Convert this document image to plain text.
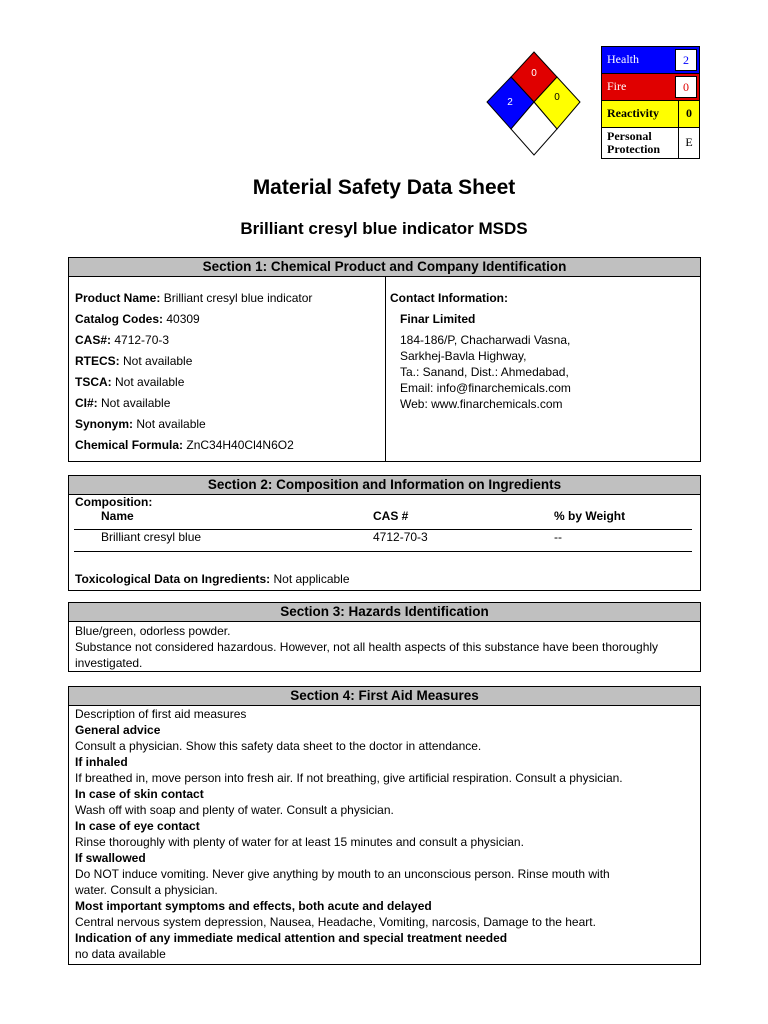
0
2	0
Health	2
Fire	0
Reactivity	0
Personal
Protection	E
Material Safety Data Sheet
Brilliant cresyl blue indicator MSDS
Section 1: Chemical Product and Company Identification
Product Name: Brilliant cresyl blue indicator
Catalog Codes: 40309
CAS#: 4712-70-3
RTECS: Not available
TSCA: Not available
CI#: Not available
Synonym: Not available
Chemical Formula: ZnC34H40Cl4N6O2
Contact Information:
Finar Limited
184-186/P, Chacharwadi Vasna,
Sarkhej-Bavla Highway,
Ta.: Sanand, Dist.: Ahmedabad,
Email: info@finarchemicals.com
Web: www.finarchemicals.com
Section 2: Composition and Information on Ingredients
Composition:
Name	CAS #	% by Weight
Brilliant cresyl blue	4712-70-3	--
Toxicological Data on Ingredients: Not applicable
Section 3: Hazards Identification
Blue/green, odorless powder.
Substance not considered hazardous. However, not all health aspects of this substance have been thoroughly
investigated.
Section 4: First Aid Measures
Description of first aid measures
General advice
Consult a physician. Show this safety data sheet to the doctor in attendance.
If inhaled
If breathed in, move person into fresh air. If not breathing, give artificial respiration. Consult a physician.
In case of skin contact
Wash off with soap and plenty of water. Consult a physician.
In case of eye contact
Rinse thoroughly with plenty of water for at least 15 minutes and consult a physician.
If swallowed
Do NOT induce vomiting. Never give anything by mouth to an unconscious person. Rinse mouth with
water. Consult a physician.
Most important symptoms and effects, both acute and delayed
Central nervous system depression, Nausea, Headache, Vomiting, narcosis, Damage to the heart.
Indication of any immediate medical attention and special treatment needed
no data available
